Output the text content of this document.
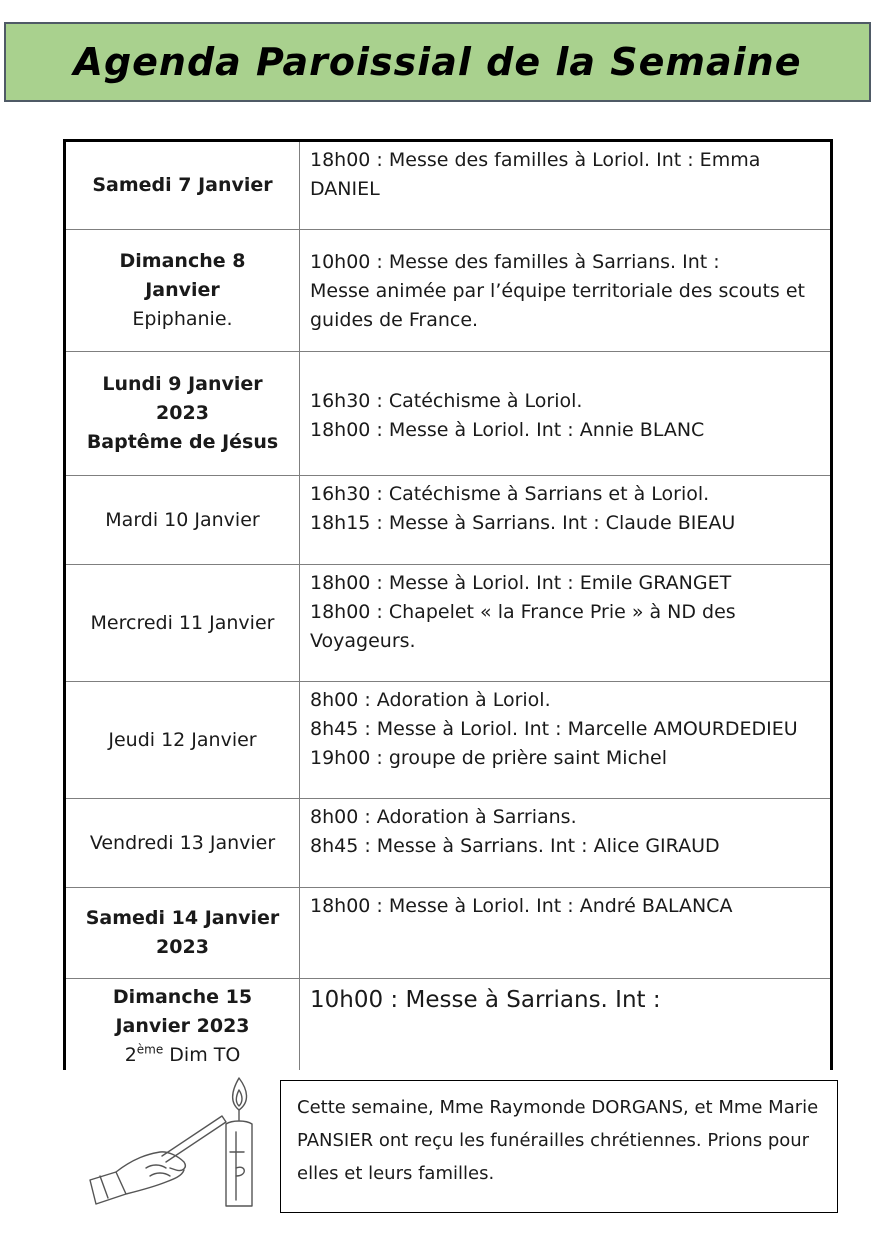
Agenda Paroissial de la Semaine
Samedi 7 Janvier	18h00 : Messe des familles à Loriol. Int : Emma DANIEL

Dimanche 8
Janvier
Epiphanie.	10h00 : Messe des familles à Sarrians. Int :
Messe animée par l’équipe territoriale des scouts et guides de France.

Lundi 9 Janvier
2023
Baptême de Jésus	16h30 : Catéchisme à Loriol.
18h00 : Messe à Loriol. Int : Annie BLANC

Mardi 10 Janvier	16h30 : Catéchisme à Sarrians et à Loriol.
18h15 : Messe à Sarrians. Int : Claude BIEAU

Mercredi 11 Janvier	18h00 : Messe à Loriol. Int : Emile GRANGET
18h00 : Chapelet « la France Prie » à ND des Voyageurs.

Jeudi 12 Janvier	8h00 : Adoration à Loriol.
8h45 : Messe à Loriol. Int : Marcelle AMOURDEDIEU
19h00 : groupe de prière saint Michel

Vendredi 13 Janvier	8h00 : Adoration à Sarrians.
8h45 : Messe à Sarrians. Int : Alice GIRAUD

Samedi 14 Janvier
2023	18h00 : Messe à Loriol. Int : André BALANCA

Dimanche 15
Janvier 2023
2ème Dim TO	10h00 : Messe à Sarrians. Int :
Cette semaine, Mme Raymonde DORGANS, et Mme Marie PANSIER ont reçu les funérailles chrétiennes. Prions pour elles et leurs familles.
